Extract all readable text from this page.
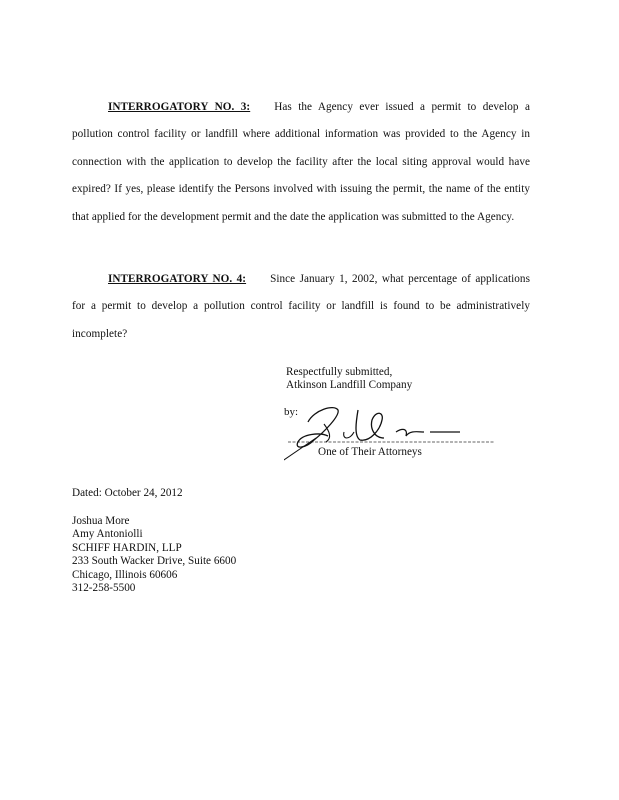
INTERROGATORY NO. 3: Has the Agency ever issued a permit to develop a pollution control facility or landfill where additional information was provided to the Agency in connection with the application to develop the facility after the local siting approval would have expired? If yes, please identify the Persons involved with issuing the permit, the name of the entity that applied for the development permit and the date the application was submitted to the Agency.

INTERROGATORY NO. 4: Since January 1, 2002, what percentage of applications for a permit to develop a pollution control facility or landfill is found to be administratively incomplete?

Respectfully submitted,
Atkinson Landfill Company
by:
One of Their Attorneys
Dated: October 24, 2012
Joshua More
Amy Antoniolli
SCHIFF HARDIN, LLP
233 South Wacker Drive, Suite 6600
Chicago, Illinois 60606
312-258-5500
